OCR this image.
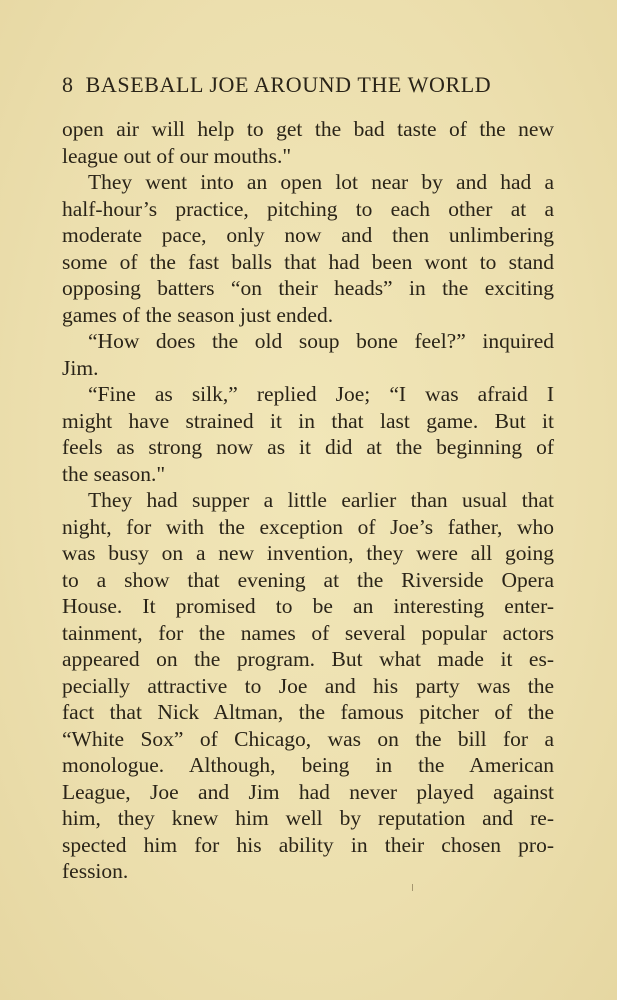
8 BASEBALL JOE AROUND THE WORLD
open air will help to get the bad taste of the new
league out of our mouths."
They went into an open lot near by and had a
half-hour’s practice, pitching to each other at a
moderate pace, only now and then unlimbering
some of the fast balls that had been wont to stand
opposing batters “on their heads” in the exciting
games of the season just ended.
“How does the old soup bone feel?” inquired
Jim.
“Fine as silk,” replied Joe; “I was afraid I
might have strained it in that last game. But it
feels as strong now as it did at the beginning of
the season."
They had supper a little earlier than usual that
night, for with the exception of Joe’s father, who
was busy on a new invention, they were all going
to a show that evening at the Riverside Opera
House. It promised to be an interesting enter-
tainment, for the names of several popular actors
appeared on the program. But what made it es-
pecially attractive to Joe and his party was the
fact that Nick Altman, the famous pitcher of the
“White Sox” of Chicago, was on the bill for a
monologue. Although, being in the American
League, Joe and Jim had never played against
him, they knew him well by reputation and re-
spected him for his ability in their chosen pro-
fession.
